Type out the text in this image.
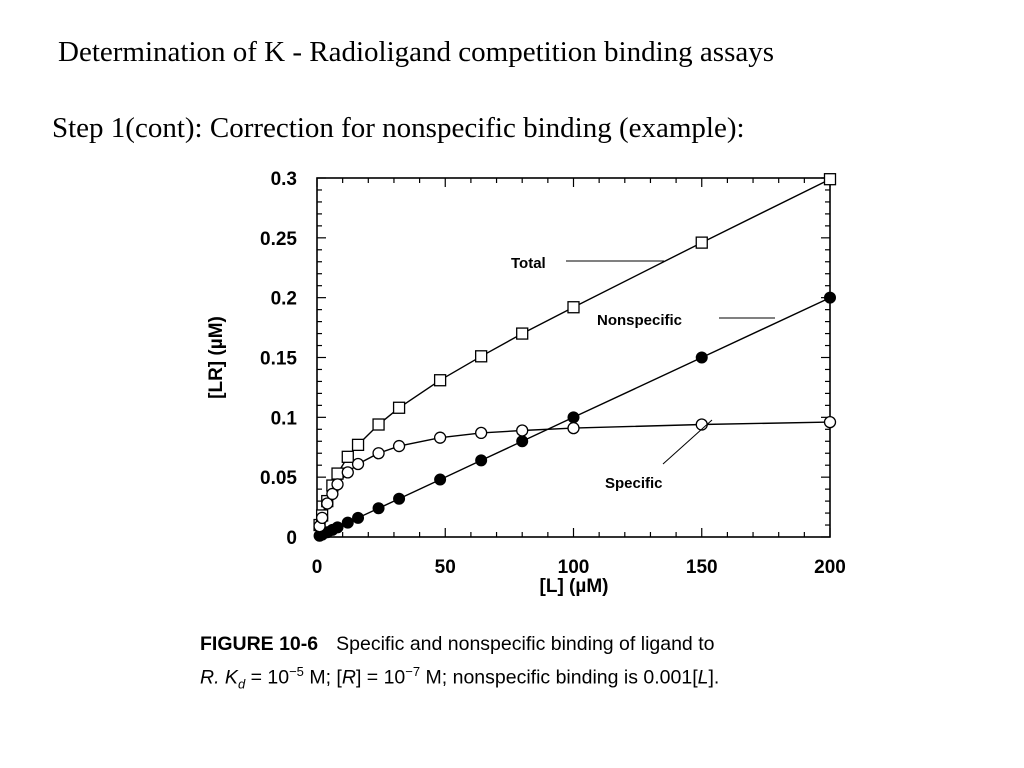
Determination of K - Radioligand competition binding assays
Step 1(cont): Correction for nonspecific binding (example):
0	50	100	150	200
0
0.05
0.1
0.15
0.2
0.25
0.3
[L] (µM)
[LR] (µM)
Total
Nonspecific
Specific
FIGURE 10-6 Specific and nonspecific binding of ligand to
R. $K_d = 10^{-5}$ M; $[R] = 10^{-7}$ M; nonspecific binding is 0.001[L].
